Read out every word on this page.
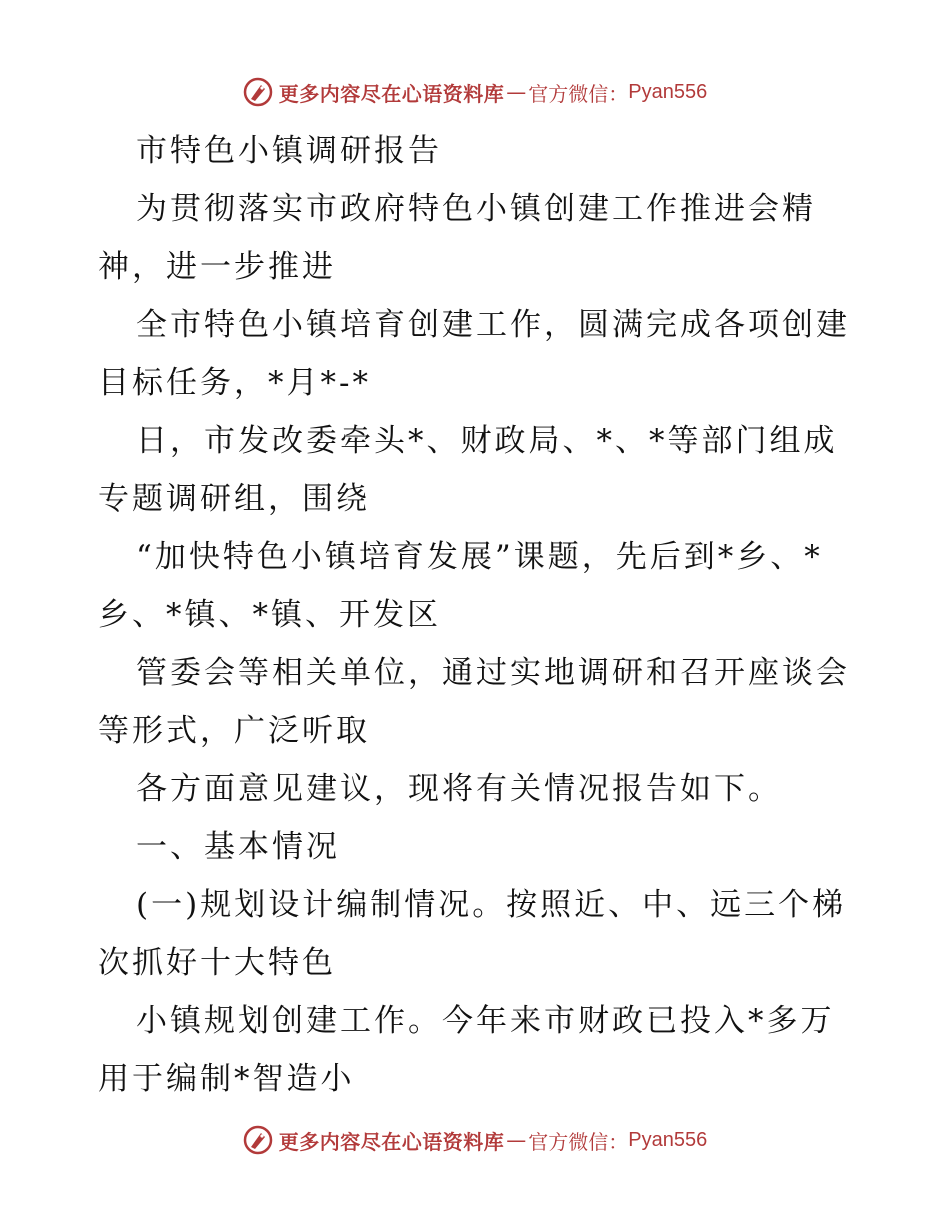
更多内容尽在心语资料库 — 官方微信： Pyan556

市特色小镇调研报告

为贯彻落实市政府特色小镇创建工作推进会精神，进一步推进

全市特色小镇培育创建工作，圆满完成各项创建目标任务，*月*-*

日，市发改委牵头*、财政局、*、*等部门组成专题调研组，围绕

“加快特色小镇培育发展”课题，先后到*乡、*乡、*镇、*镇、开发区

管委会等相关单位，通过实地调研和召开座谈会等形式，广泛听取

各方面意见建议，现将有关情况报告如下。

一、基本情况

(一)规划设计编制情况。按照近、中、远三个梯次抓好十大特色

小镇规划创建工作。今年来市财政已投入*多万用于编制*智造小

更多内容尽在心语资料库 — 官方微信： Pyan556
